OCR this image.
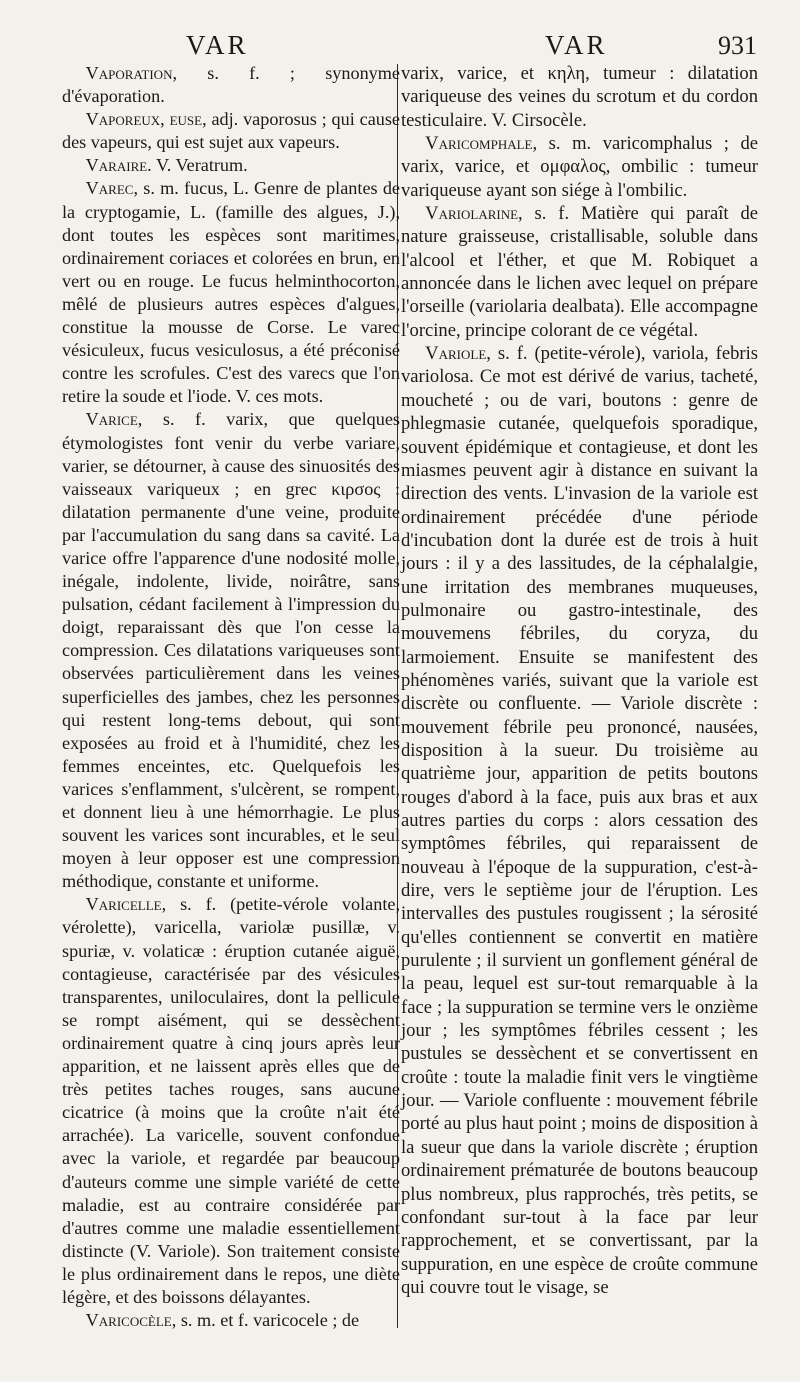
VAR	VAR	931

Vaporation, s. f. ; synonyme d'évaporation.

Vaporeux, euse, adj. vaporosus ; qui cause des vapeurs, qui est sujet aux vapeurs.

Varaire. V. Veratrum.

Varec, s. m. fucus, L. Genre de plantes de la cryptogamie, L. (famille des algues, J.), dont toutes les espèces sont maritimes, ordinairement coriaces et colorées en brun, en vert ou en rouge. Le fucus helminthocorton, mêlé de plusieurs autres espèces d'algues, constitue la mousse de Corse. Le varec vésiculeux, fucus vesiculosus, a été préconisé contre les scrofules. C'est des varecs que l'on retire la soude et l'iode. V. ces mots.

Varice, s. f. varix, que quelques étymologistes font venir du verbe variare, varier, se détourner, à cause des sinuosités des vaisseaux variqueux ; en grec κιρσος : dilatation permanente d'une veine, produite par l'accumulation du sang dans sa cavité. La varice offre l'apparence d'une nodosité molle, inégale, indolente, livide, noirâtre, sans pulsation, cédant facilement à l'impression du doigt, reparaissant dès que l'on cesse la compression. Ces dilatations variqueuses sont observées particulièrement dans les veines superficielles des jambes, chez les personnes qui restent long-tems debout, qui sont exposées au froid et à l'humidité, chez les femmes enceintes, etc. Quelquefois les varices s'enflamment, s'ulcèrent, se rompent, et donnent lieu à une hémorrhagie. Le plus souvent les varices sont incurables, et le seul moyen à leur opposer est une compression méthodique, constante et uniforme.

Varicelle, s. f. (petite-vérole volante, vérolette), varicella, variolæ pusillæ, v. spuriæ, v. volaticæ : éruption cutanée aiguë, contagieuse, caractérisée par des vésicules transparentes, uniloculaires, dont la pellicule se rompt aisément, qui se dessèchent ordinairement quatre à cinq jours après leur apparition, et ne laissent après elles que de très petites taches rouges, sans aucune cicatrice (à moins que la croûte n'ait été arrachée). La varicelle, souvent confondue avec la variole, et regardée par beaucoup d'auteurs comme une simple variété de cette maladie, est au contraire considérée par d'autres comme une maladie essentiellement distincte (V. Variole). Son traitement consiste le plus ordinairement dans le repos, une diète légère, et des boissons délayantes.

Varicocèle, s. m. et f. varicocele ; de

varix, varice, et κηλη, tumeur : dilatation variqueuse des veines du scrotum et du cordon testiculaire. V. Cirsocèle.

Varicomphale, s. m. varicomphalus ; de varix, varice, et ομφαλος, ombilic : tumeur variqueuse ayant son siége à l'ombilic.

Variolarine, s. f. Matière qui paraît de nature graisseuse, cristallisable, soluble dans l'alcool et l'éther, et que M. Robiquet a annoncée dans le lichen avec lequel on prépare l'orseille (variolaria dealbata). Elle accompagne l'orcine, principe colorant de ce végétal.

Variole, s. f. (petite-vérole), variola, febris variolosa. Ce mot est dérivé de varius, tacheté, moucheté ; ou de vari, boutons : genre de phlegmasie cutanée, quelquefois sporadique, souvent épidémique et contagieuse, et dont les miasmes peuvent agir à distance en suivant la direction des vents. L'invasion de la variole est ordinairement précédée d'une période d'incubation dont la durée est de trois à huit jours : il y a des lassitudes, de la céphalalgie, une irritation des membranes muqueuses, pulmonaire ou gastro-intestinale, des mouvemens fébriles, du coryza, du larmoiement. Ensuite se manifestent des phénomènes variés, suivant que la variole est discrète ou confluente. — Variole discrète : mouvement fébrile peu prononcé, nausées, disposition à la sueur. Du troisième au quatrième jour, apparition de petits boutons rouges d'abord à la face, puis aux bras et aux autres parties du corps : alors cessation des symptômes fébriles, qui reparaissent de nouveau à l'époque de la suppuration, c'est-à-dire, vers le septième jour de l'éruption. Les intervalles des pustules rougissent ; la sérosité qu'elles contiennent se convertit en matière purulente ; il survient un gonflement général de la peau, lequel est sur-tout remarquable à la face ; la suppuration se termine vers le onzième jour ; les symptômes fébriles cessent ; les pustules se dessèchent et se convertissent en croûte : toute la maladie finit vers le vingtième jour. — Variole confluente : mouvement fébrile porté au plus haut point ; moins de disposition à la sueur que dans la variole discrète ; éruption ordinairement prématurée de boutons beaucoup plus nombreux, plus rapprochés, très petits, se confondant sur-tout à la face par leur rapprochement, et se convertissant, par la suppuration, en une espèce de croûte commune qui couvre tout le visage, se
